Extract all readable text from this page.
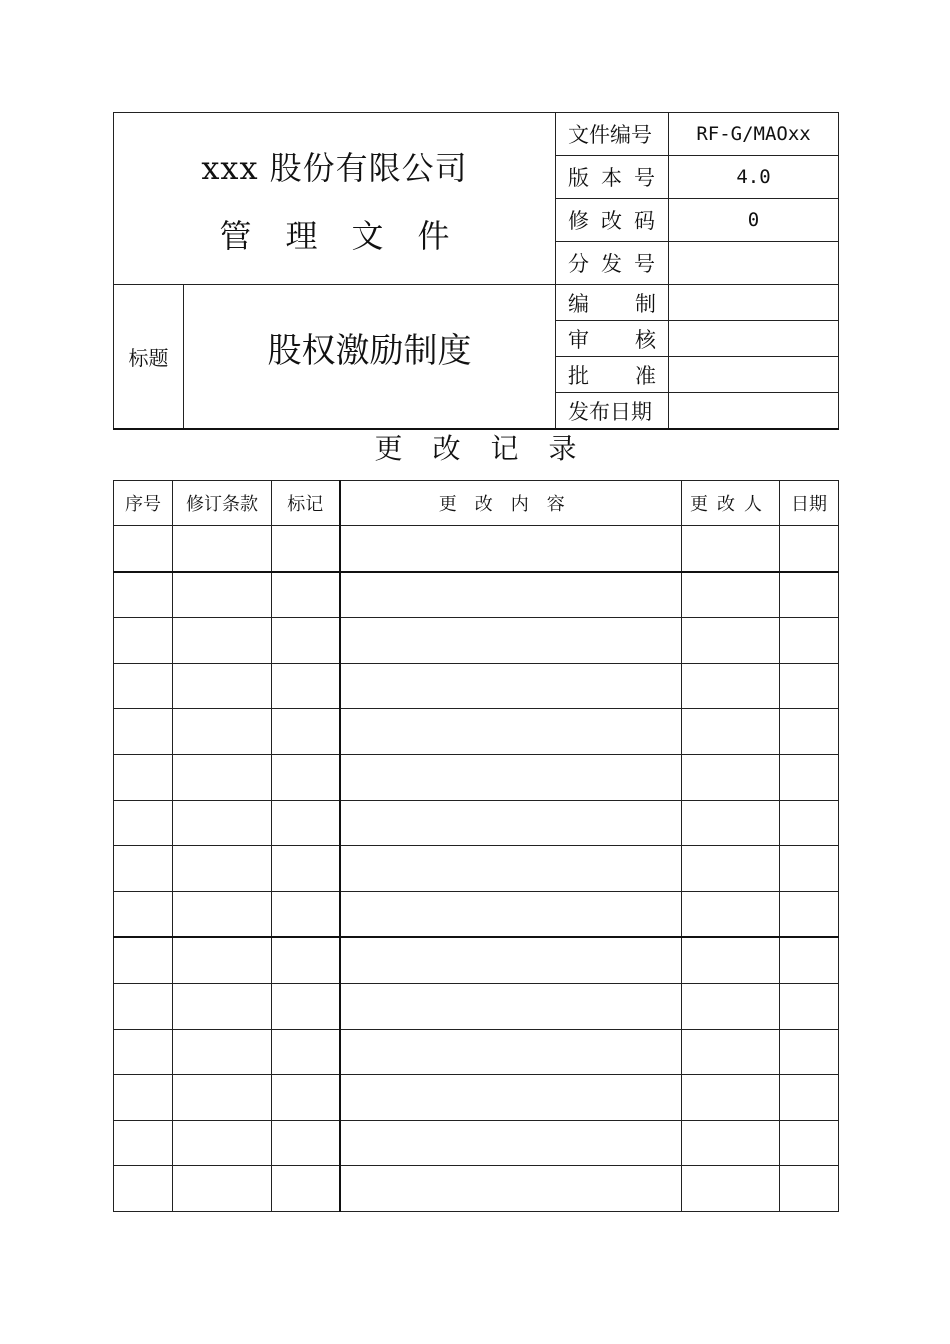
xxx 股份有限公司
管理文件		文件编号	RF-G/MAOxx
		版本号	4.0
		修改码	0
		分发号	
标题	股权激励制度	编 制	

		审 核	

		批 准	

		发布日期	
更改记录
序号	修订条款	标记	更改内容	更改人	日期
